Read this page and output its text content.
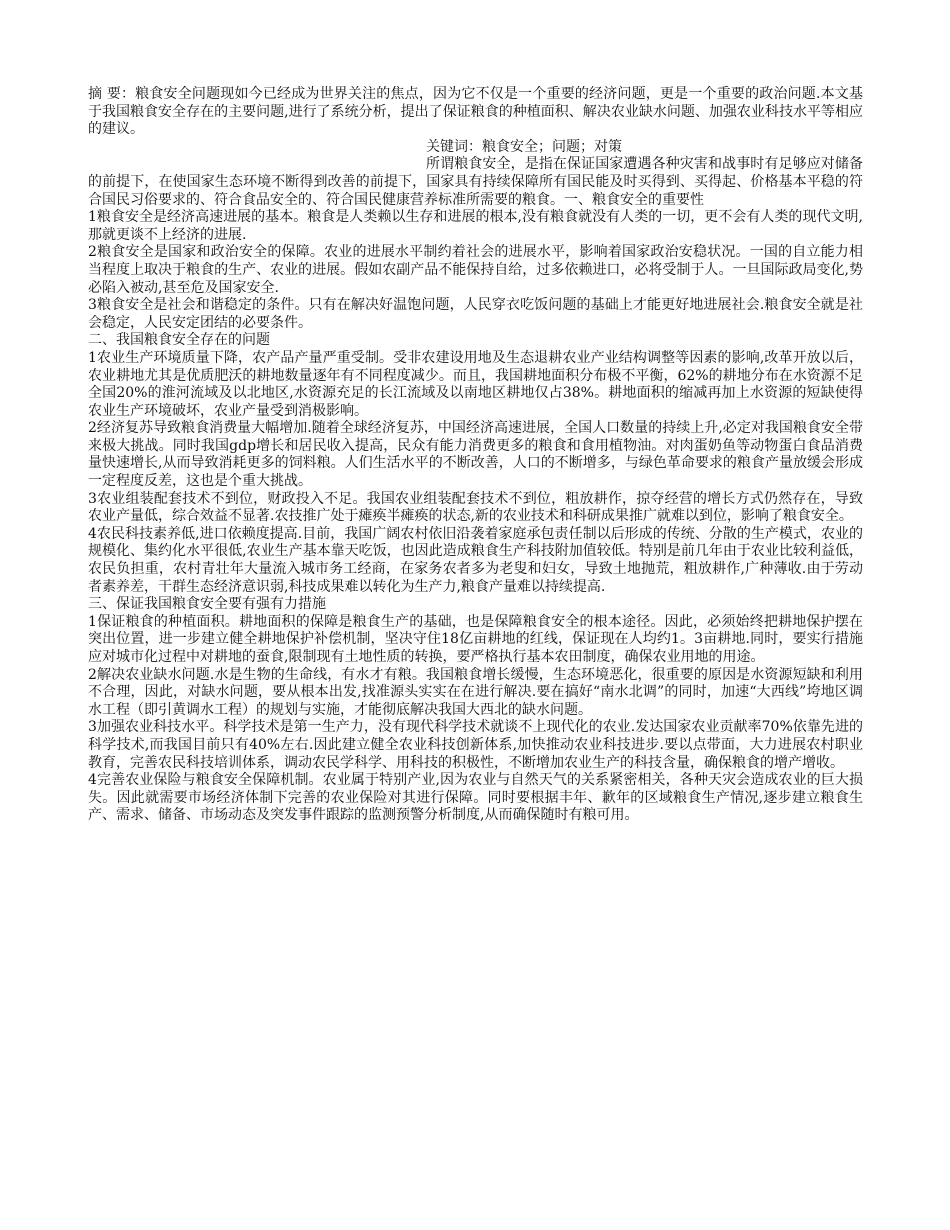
摘 要：粮食安全问题现如今已经成为世界关注的焦点，因为它不仅是一个重要的经济问题，更是一个重要的政治问题.本文基于我国粮食安全存在的主要问题,进行了系统分析，提出了保证粮食的种植面积、解决农业缺水问题、加强农业科技水平等相应的建议。

关键词：粮食安全；问题；对策

所谓粮食安全，是指在保证国家遭遇各种灾害和战事时有足够应对储备的前提下，在使国家生态环境不断得到改善的前提下，国家具有持续保障所有国民能及时买得到、买得起、价格基本平稳的符合国民习俗要求的、符合食品安全的、符合国民健康营养标准所需要的粮食。一、粮食安全的重要性

1粮食安全是经济高速进展的基本。粮食是人类赖以生存和进展的根本,没有粮食就没有人类的一切，更不会有人类的现代文明,那就更谈不上经济的进展.

2粮食安全是国家和政治安全的保障。农业的进展水平制约着社会的进展水平，影响着国家政治安稳状况。一国的自立能力相当程度上取决于粮食的生产、农业的进展。假如农副产品不能保持自给，过多依赖进口，必将受制于人。一旦国际政局变化,势必陷入被动,甚至危及国家安全.

3粮食安全是社会和谐稳定的条件。只有在解决好温饱问题，人民穿衣吃饭问题的基础上才能更好地进展社会.粮食安全就是社会稳定，人民安定团结的必要条件。

二、我国粮食安全存在的问题

1农业生产环境质量下降，农产品产量严重受制。受非农建设用地及生态退耕农业产业结构调整等因素的影响,改革开放以后，农业耕地尤其是优质肥沃的耕地数量逐年有不同程度减少。而且，我国耕地面积分布极不平衡，62%的耕地分布在水资源不足全国20%的淮河流域及以北地区,水资源充足的长江流域及以南地区耕地仅占38%。耕地面积的缩减再加上水资源的短缺使得农业生产环境破坏，农业产量受到消极影响。

2经济复苏导致粮食消费量大幅增加.随着全球经济复苏，中国经济高速进展，全国人口数量的持续上升,必定对我国粮食安全带来极大挑战。同时我国gdp增长和居民收入提高，民众有能力消费更多的粮食和食用植物油。对肉蛋奶鱼等动物蛋白食品消费量快速增长,从而导致消耗更多的饲料粮。人们生活水平的不断改善，人口的不断增多，与绿色革命要求的粮食产量放缓会形成一定程度反差，这也是个重大挑战。

3农业组装配套技术不到位，财政投入不足。我国农业组装配套技术不到位，粗放耕作，掠夺经营的增长方式仍然存在，导致农业产量低，综合效益不显著.农技推广处于瘫痪半瘫痪的状态,新的农业技术和科研成果推广就难以到位，影响了粮食安全。

4农民科技素养低,进口依赖度提高.目前，我国广阔农村依旧沿袭着家庭承包责任制以后形成的传统、分散的生产模式，农业的规模化、集约化水平很低,农业生产基本靠天吃饭，也因此造成粮食生产科技附加值较低。特别是前几年由于农业比较利益低，农民负担重，农村青壮年大量流入城市务工经商，在家务农者多为老叟和妇女，导致土地抛荒，粗放耕作,广种薄收.由于劳动者素养差，干群生态经济意识弱,科技成果难以转化为生产力,粮食产量难以持续提高.

三、保证我国粮食安全要有强有力措施

1保证粮食的种植面积。耕地面积的保障是粮食生产的基础，也是保障粮食安全的根本途径。因此，必须始终把耕地保护摆在突出位置，进一步建立健全耕地保护补偿机制，坚决守住18亿亩耕地的红线，保证现在人均约1。3亩耕地.同时，要实行措施应对城市化过程中对耕地的蚕食,限制现有土地性质的转换，要严格执行基本农田制度，确保农业用地的用途。

2解决农业缺水问题.水是生物的生命线，有水才有粮。我国粮食增长缓慢，生态环境恶化，很重要的原因是水资源短缺和利用不合理，因此，对缺水问题，要从根本出发,找准源头实实在在进行解决.要在搞好“南水北调”的同时，加速“大西线”垮地区调水工程（即引黄调水工程）的规划与实施，才能彻底解决我国大西北的缺水问题。

3加强农业科技水平。科学技术是第一生产力，没有现代科学技术就谈不上现代化的农业.发达国家农业贡献率70%依靠先进的科学技术,而我国目前只有40%左右.因此建立健全农业科技创新体系,加快推动农业科技进步.要以点带面，大力进展农村职业教育，完善农民科技培训体系，调动农民学科学、用科技的积极性，不断增加农业生产的科技含量，确保粮食的增产增收。

4完善农业保险与粮食安全保障机制。农业属于特别产业,因为农业与自然天气的关系紧密相关，各种天灾会造成农业的巨大损失。因此就需要市场经济体制下完善的农业保险对其进行保障。同时要根据丰年、歉年的区域粮食生产情况,逐步建立粮食生产、需求、储备、市场动态及突发事件跟踪的监测预警分析制度,从而确保随时有粮可用。
